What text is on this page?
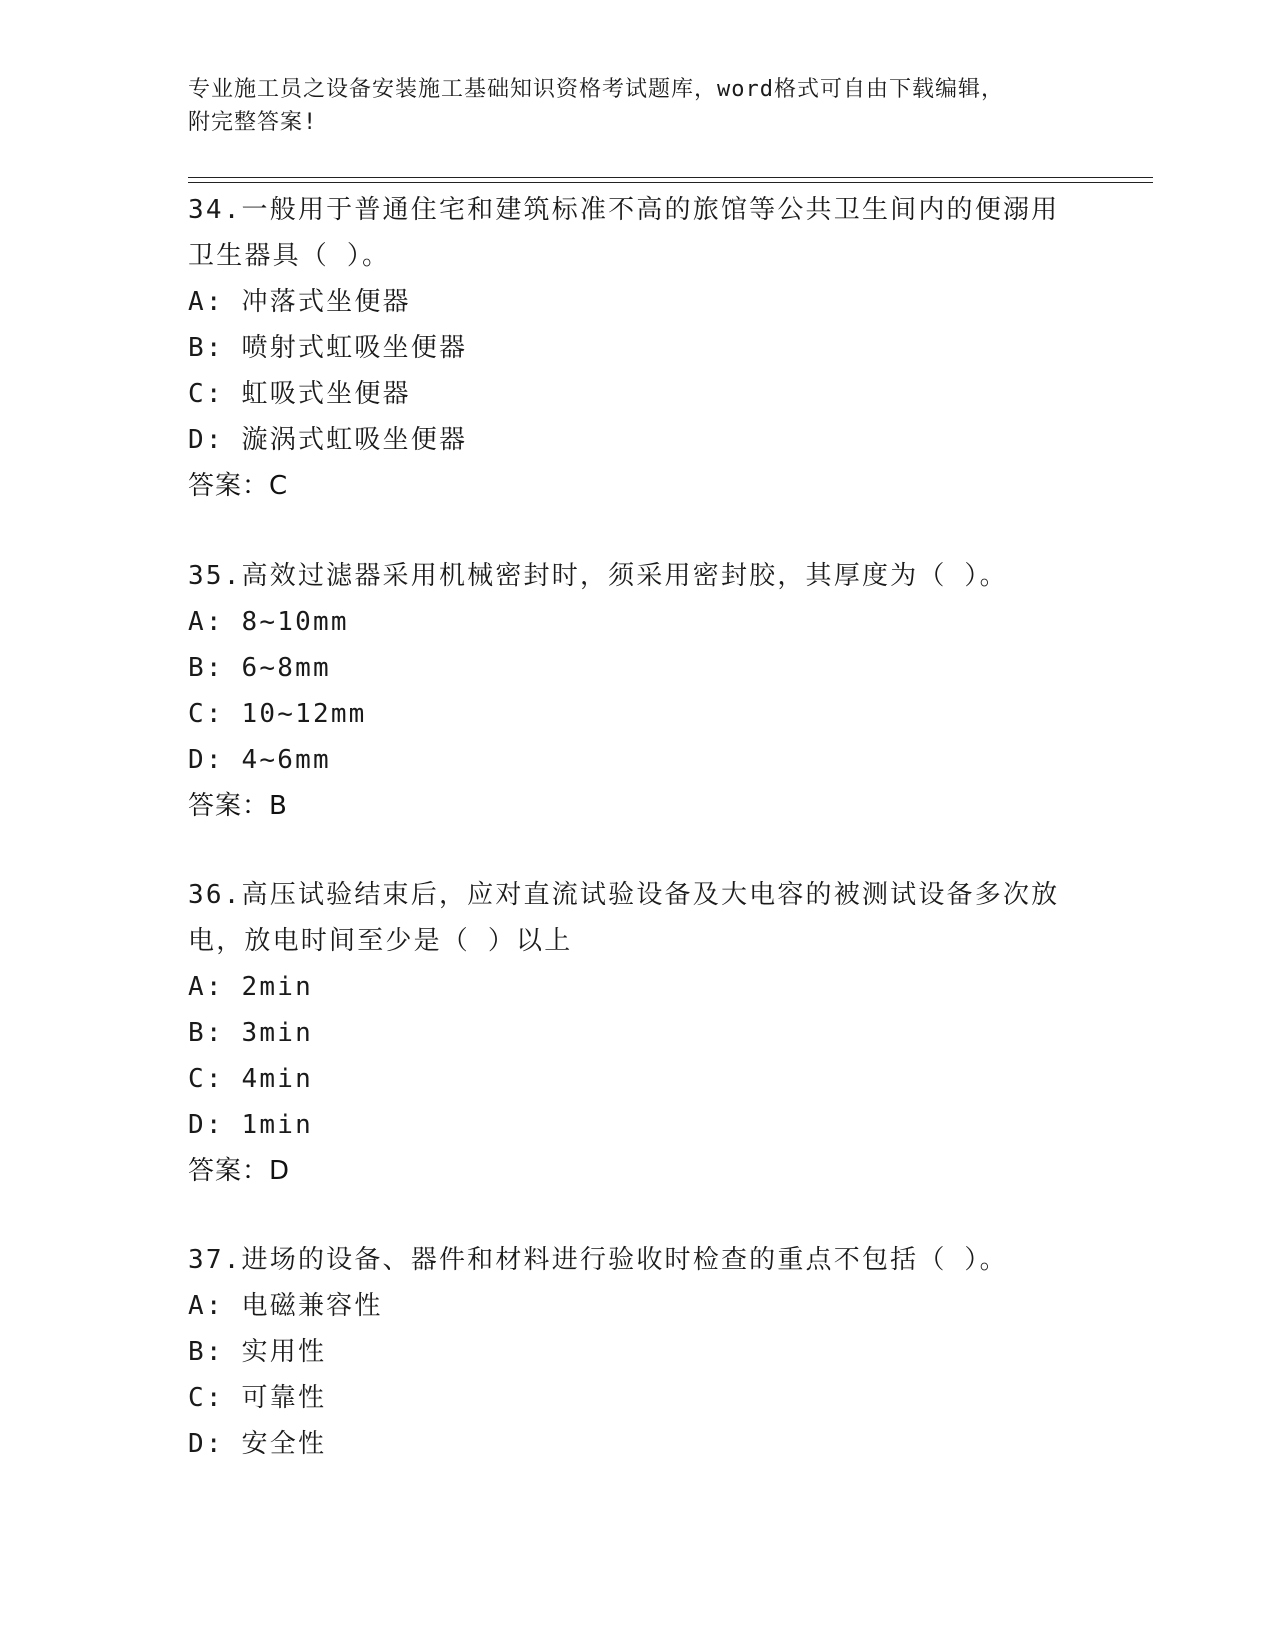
专业施工员之设备安装施工基础知识资格考试题库，word格式可自由下载编辑，
附完整答案!

34.一般用于普通住宅和建筑标准不高的旅馆等公共卫生间内的便溺用

卫生器具（ ）。

A: 冲落式坐便器

B: 喷射式虹吸坐便器

C: 虹吸式坐便器

D: 漩涡式虹吸坐便器

答案：C

35.高效过滤器采用机械密封时，须采用密封胶，其厚度为（ ）。

A: 8~10mm

B: 6~8mm

C: 10~12mm

D: 4~6mm

答案：B

36.高压试验结束后，应对直流试验设备及大电容的被测试设备多次放

电，放电时间至少是（ ）以上

A: 2min

B: 3min

C: 4min

D: 1min

答案：D

37.进场的设备、器件和材料进行验收时检查的重点不包括（ ）。

A: 电磁兼容性

B: 实用性

C: 可靠性

D: 安全性
